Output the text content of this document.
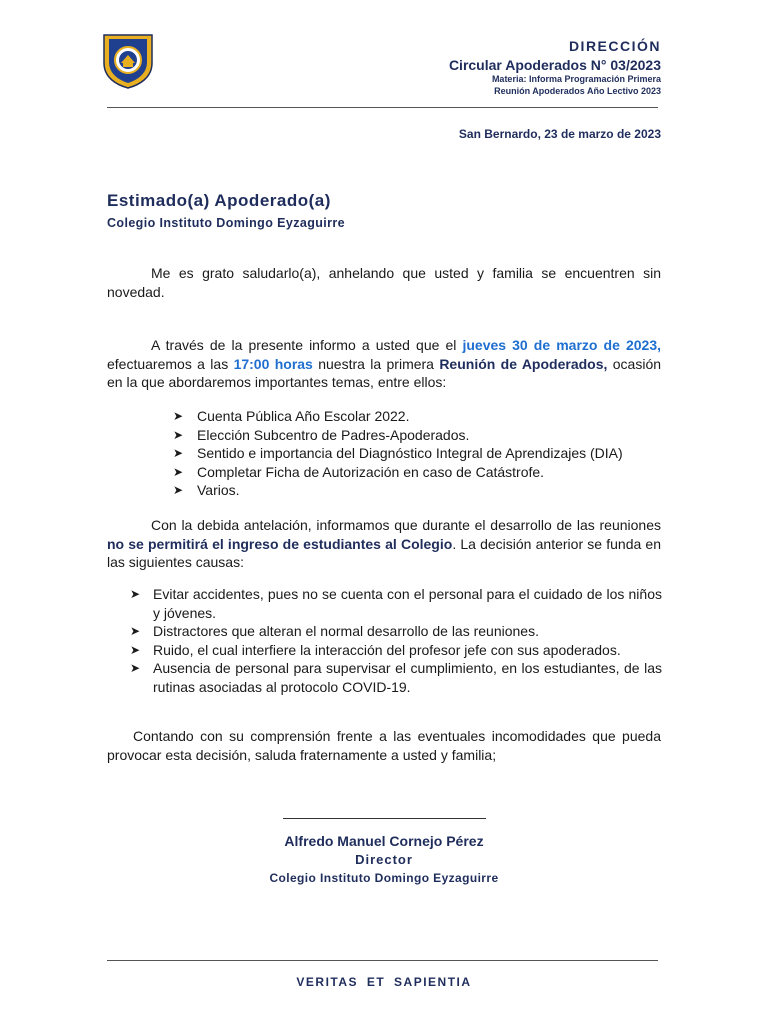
DIRECCIÓN
Circular Apoderados N° 03/2023
Materia: Informa Programación Primera
Reunión Apoderados Año Lectivo 2023
San Bernardo, 23 de marzo de 2023
Estimado(a) Apoderado(a)
Colegio Instituto Domingo Eyzaguirre
Me es grato saludarlo(a), anhelando que usted y familia se encuentren sin novedad.
A través de la presente informo a usted que el jueves 30 de marzo de 2023, efectuaremos a las 17:00 horas nuestra la primera Reunión de Apoderados, ocasión en la que abordaremos importantes temas, entre ellos:
➤ Cuenta Pública Año Escolar 2022.
➤ Elección Subcentro de Padres-Apoderados.
➤ Sentido e importancia del Diagnóstico Integral de Aprendizajes (DIA)
➤ Completar Ficha de Autorización en caso de Catástrofe.
➤ Varios.
Con la debida antelación, informamos que durante el desarrollo de las reuniones no se permitirá el ingreso de estudiantes al Colegio. La decisión anterior se funda en las siguientes causas:
➤ Evitar accidentes, pues no se cuenta con el personal para el cuidado de los niños y jóvenes.
➤ Distractores que alteran el normal desarrollo de las reuniones.
➤ Ruido, el cual interfiere la interacción del profesor jefe con sus apoderados.
➤ Ausencia de personal para supervisar el cumplimiento, en los estudiantes, de las rutinas asociadas al protocolo COVID-19.
Contando con su comprensión frente a las eventuales incomodidades que pueda provocar esta decisión, saluda fraternamente a usted y familia;
Alfredo Manuel Cornejo Pérez
Director
Colegio Instituto Domingo Eyzaguirre
VERITAS ET SAPIENTIA
